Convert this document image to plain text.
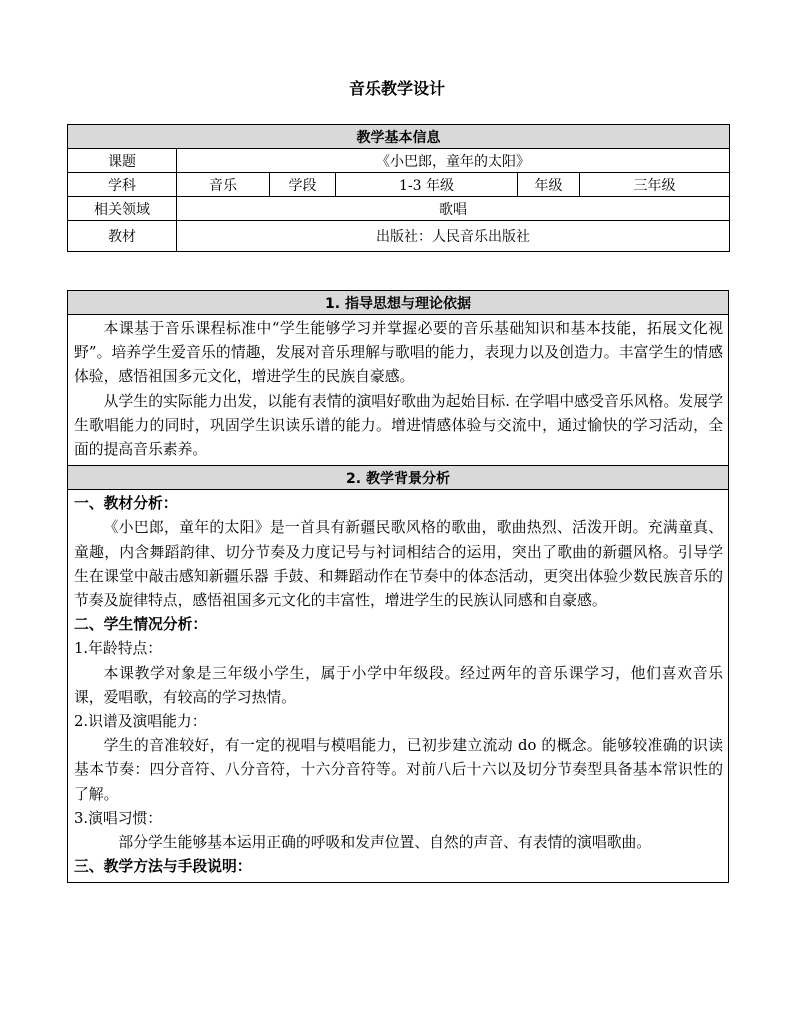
音乐教学设计
教学基本信息					
课题	《小巴郎，童年的太阳》				
学科	音乐	学段	1-3 年级	年级	三年级
相关领域	歌唱				
教材	出版社：人民音乐出版社				
1. 指导思想与理论依据

本课基于音乐课程标准中“学生能够学习并掌握必要的音乐基础知识和基本技能，拓展文化视野”。培养学生爱音乐的情趣，发展对音乐理解与歌唱的能力，表现力以及创造力。丰富学生的情感体验，感悟祖国多元文化，增进学生的民族自豪感。

从学生的实际能力出发，以能有表情的演唱好歌曲为起始目标. 在学唱中感受音乐风格。发展学生歌唱能力的同时，巩固学生识读乐谱的能力。增进情感体验与交流中，通过愉快的学习活动，全面的提高音乐素养。

2. 教学背景分析

一、教材分析：

《小巴郎，童年的太阳》是一首具有新疆民歌风格的歌曲，歌曲热烈、活泼开朗。充满童真、童趣，内含舞蹈韵律、切分节奏及力度记号与衬词相结合的运用，突出了歌曲的新疆风格。引导学生在课堂中敲击感知新疆乐器 手鼓、和舞蹈动作在节奏中的体态活动，更突出体验少数民族音乐的节奏及旋律特点，感悟祖国多元文化的丰富性，增进学生的民族认同感和自豪感。

二、学生情况分析：

1.年龄特点：

本课教学对象是三年级小学生，属于小学中年级段。经过两年的音乐课学习，他们喜欢音乐课，爱唱歌，有较高的学习热情。

2.识谱及演唱能力：

学生的音准较好，有一定的视唱与模唱能力，已初步建立流动 do 的概念。能够较准确的识读基本节奏：四分音符、八分音符，十六分音符等。对前八后十六以及切分节奏型具备基本常识性的了解。

3.演唱习惯：

部分学生能够基本运用正确的呼吸和发声位置、自然的声音、有表情的演唱歌曲。

三、教学方法与手段说明：
